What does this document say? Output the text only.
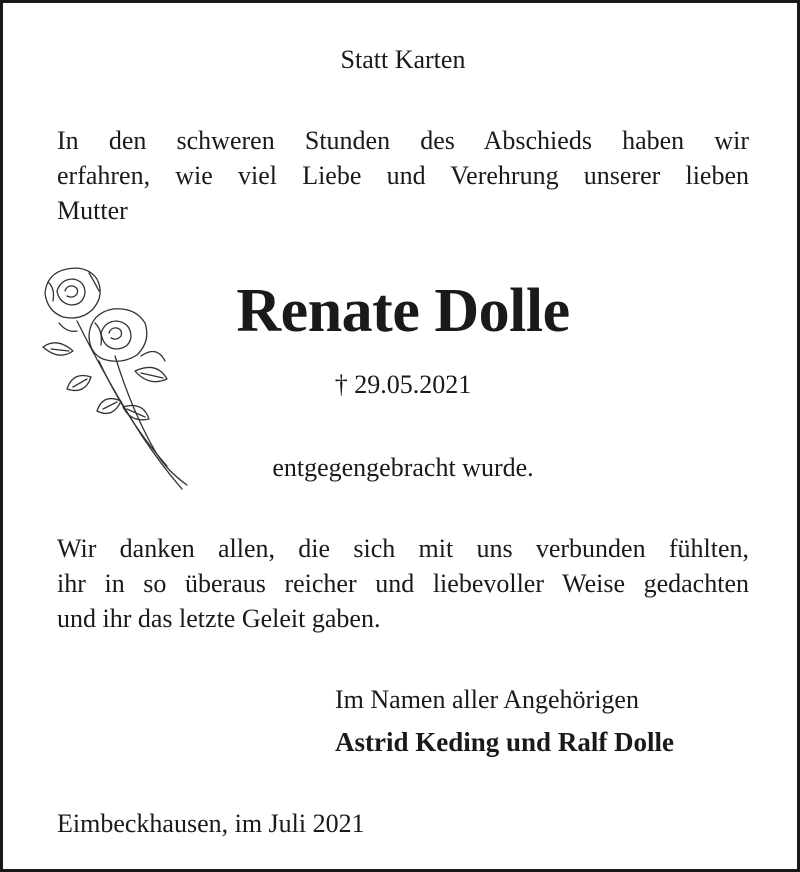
Statt Karten
In den schweren Stunden des Abschieds haben wir
erfahren, wie viel Liebe und Verehrung unserer lieben
Mutter
Renate Dolle
† 29.05.2021
entgegengebracht wurde.
Wir danken allen, die sich mit uns verbunden fühlten,
ihr in so überaus reicher und liebevoller Weise gedachten
und ihr das letzte Geleit gaben.
Im Namen aller Angehörigen
Astrid Keding und Ralf Dolle
Eimbeckhausen, im Juli 2021
